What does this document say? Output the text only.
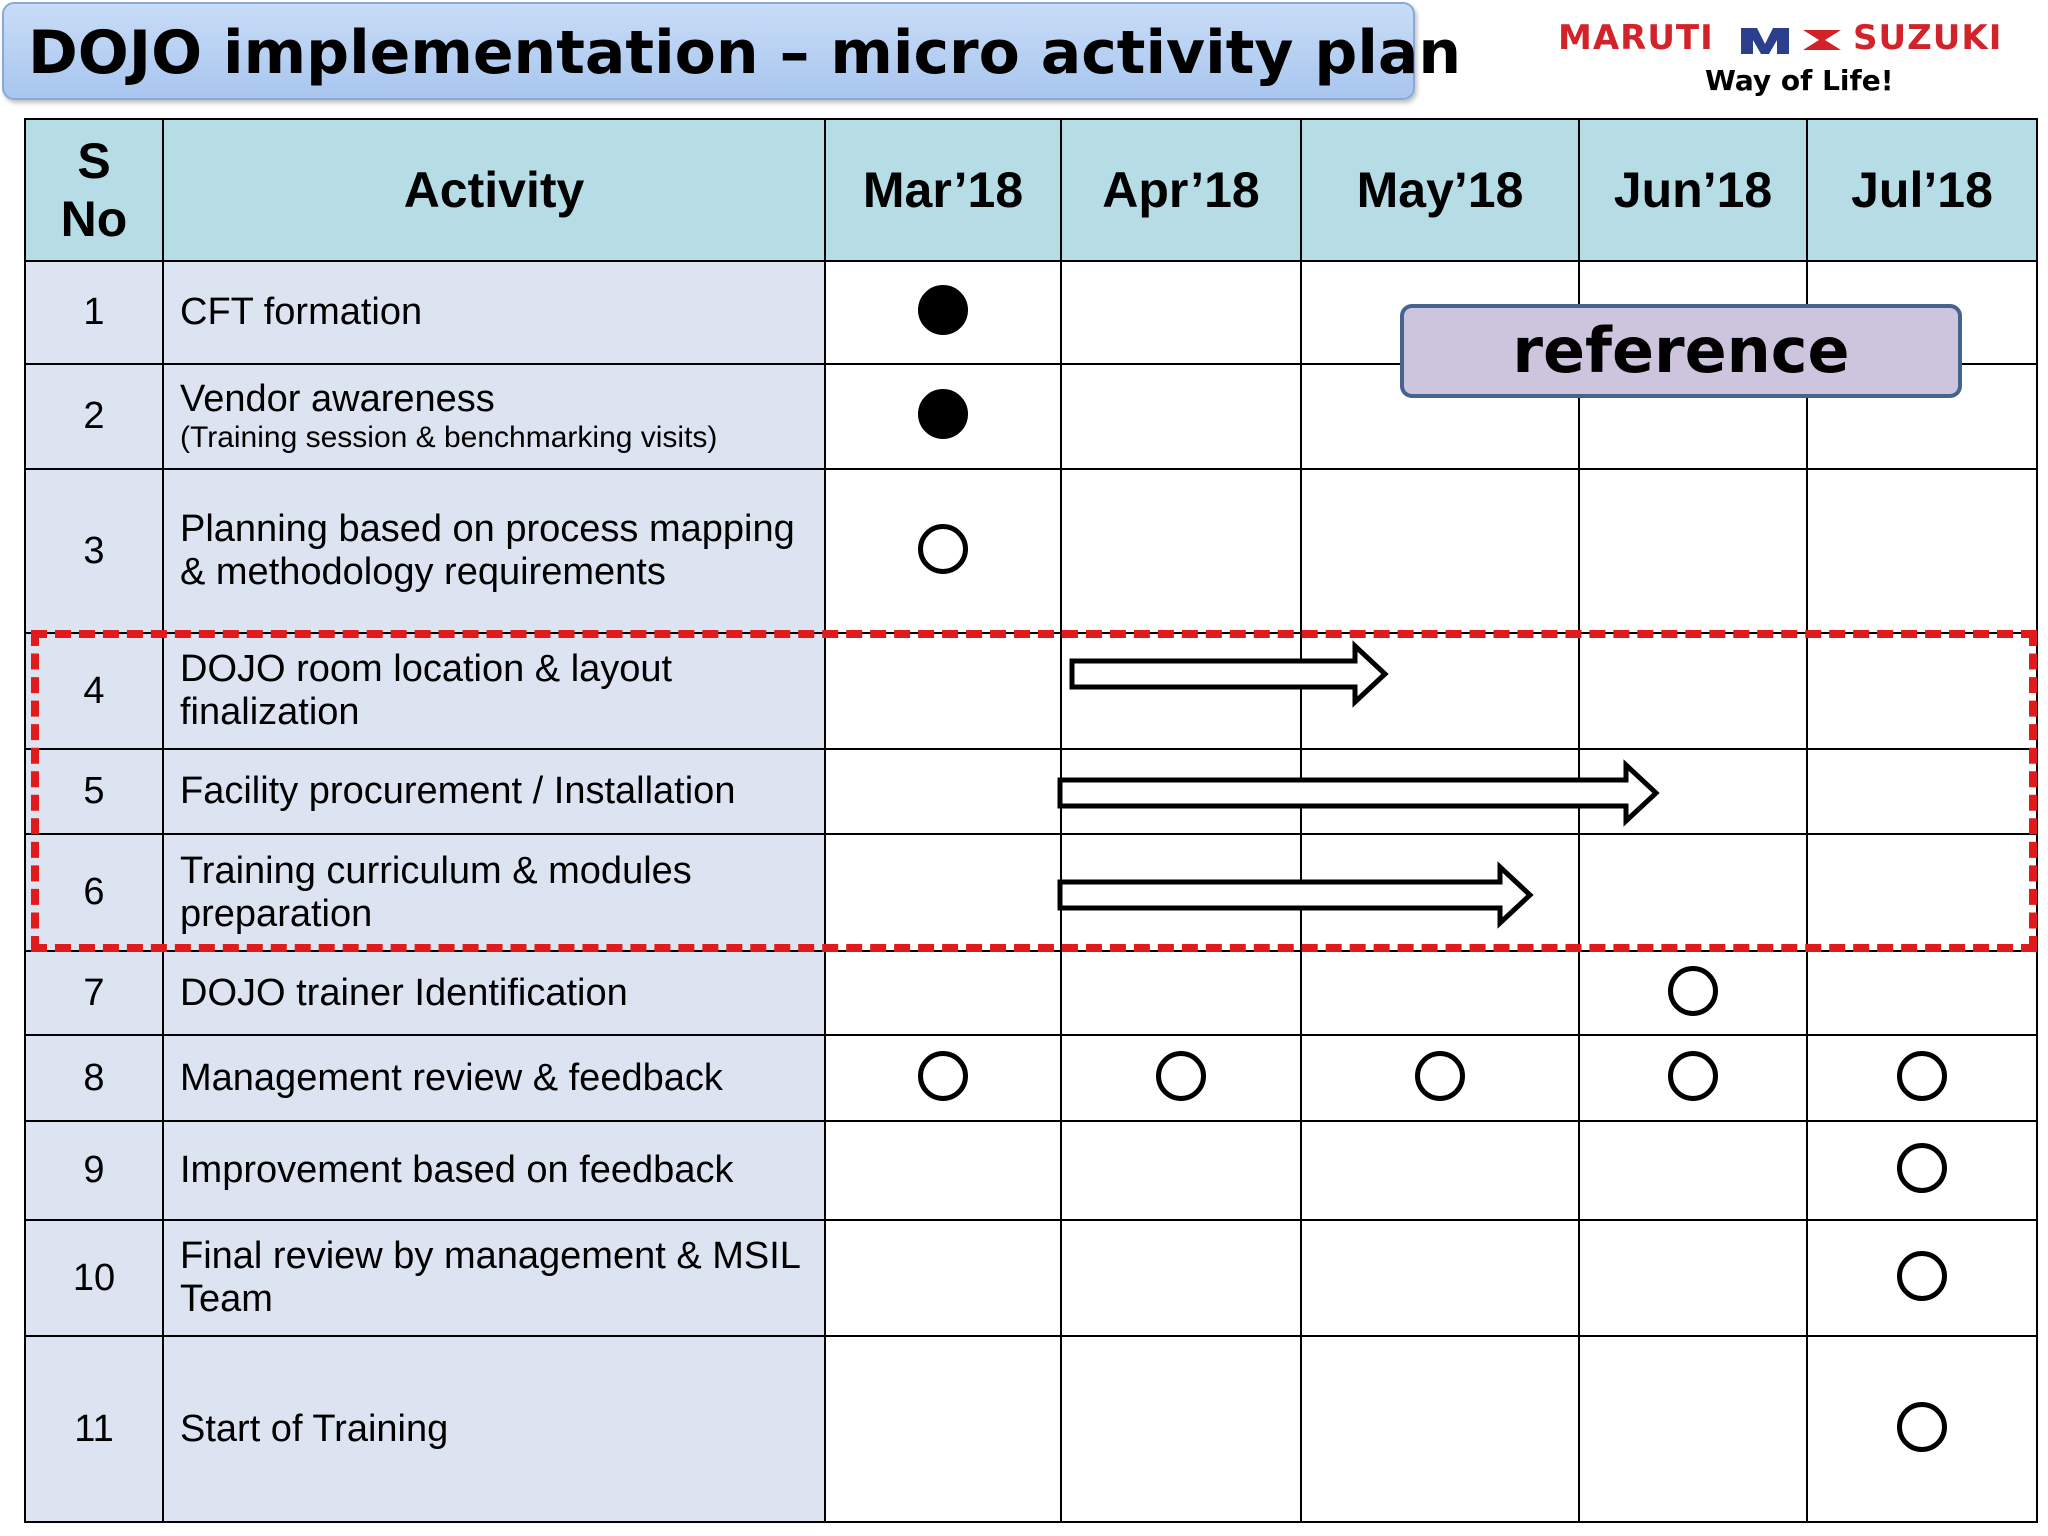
DOJO implementation – micro activity plan	MARUTI	SUZUKI
Way of Life!
S No	Activity	Mar’18	Apr’18	May’18	Jun’18	Jul’18
1	CFT formation					

2	Vendor awareness
(Training session & benchmarking visits)					

3	Planning based on process mapping & methodology requirements					

4	DOJO room location & layout finalization					

5	Facility procurement / Installation					

6	Training curriculum & modules preparation					

7	DOJO trainer Identification					

8	Management review & feedback					

9	Improvement based on feedback					

10	Final review by management & MSIL Team					

11	Start of Training					

reference
